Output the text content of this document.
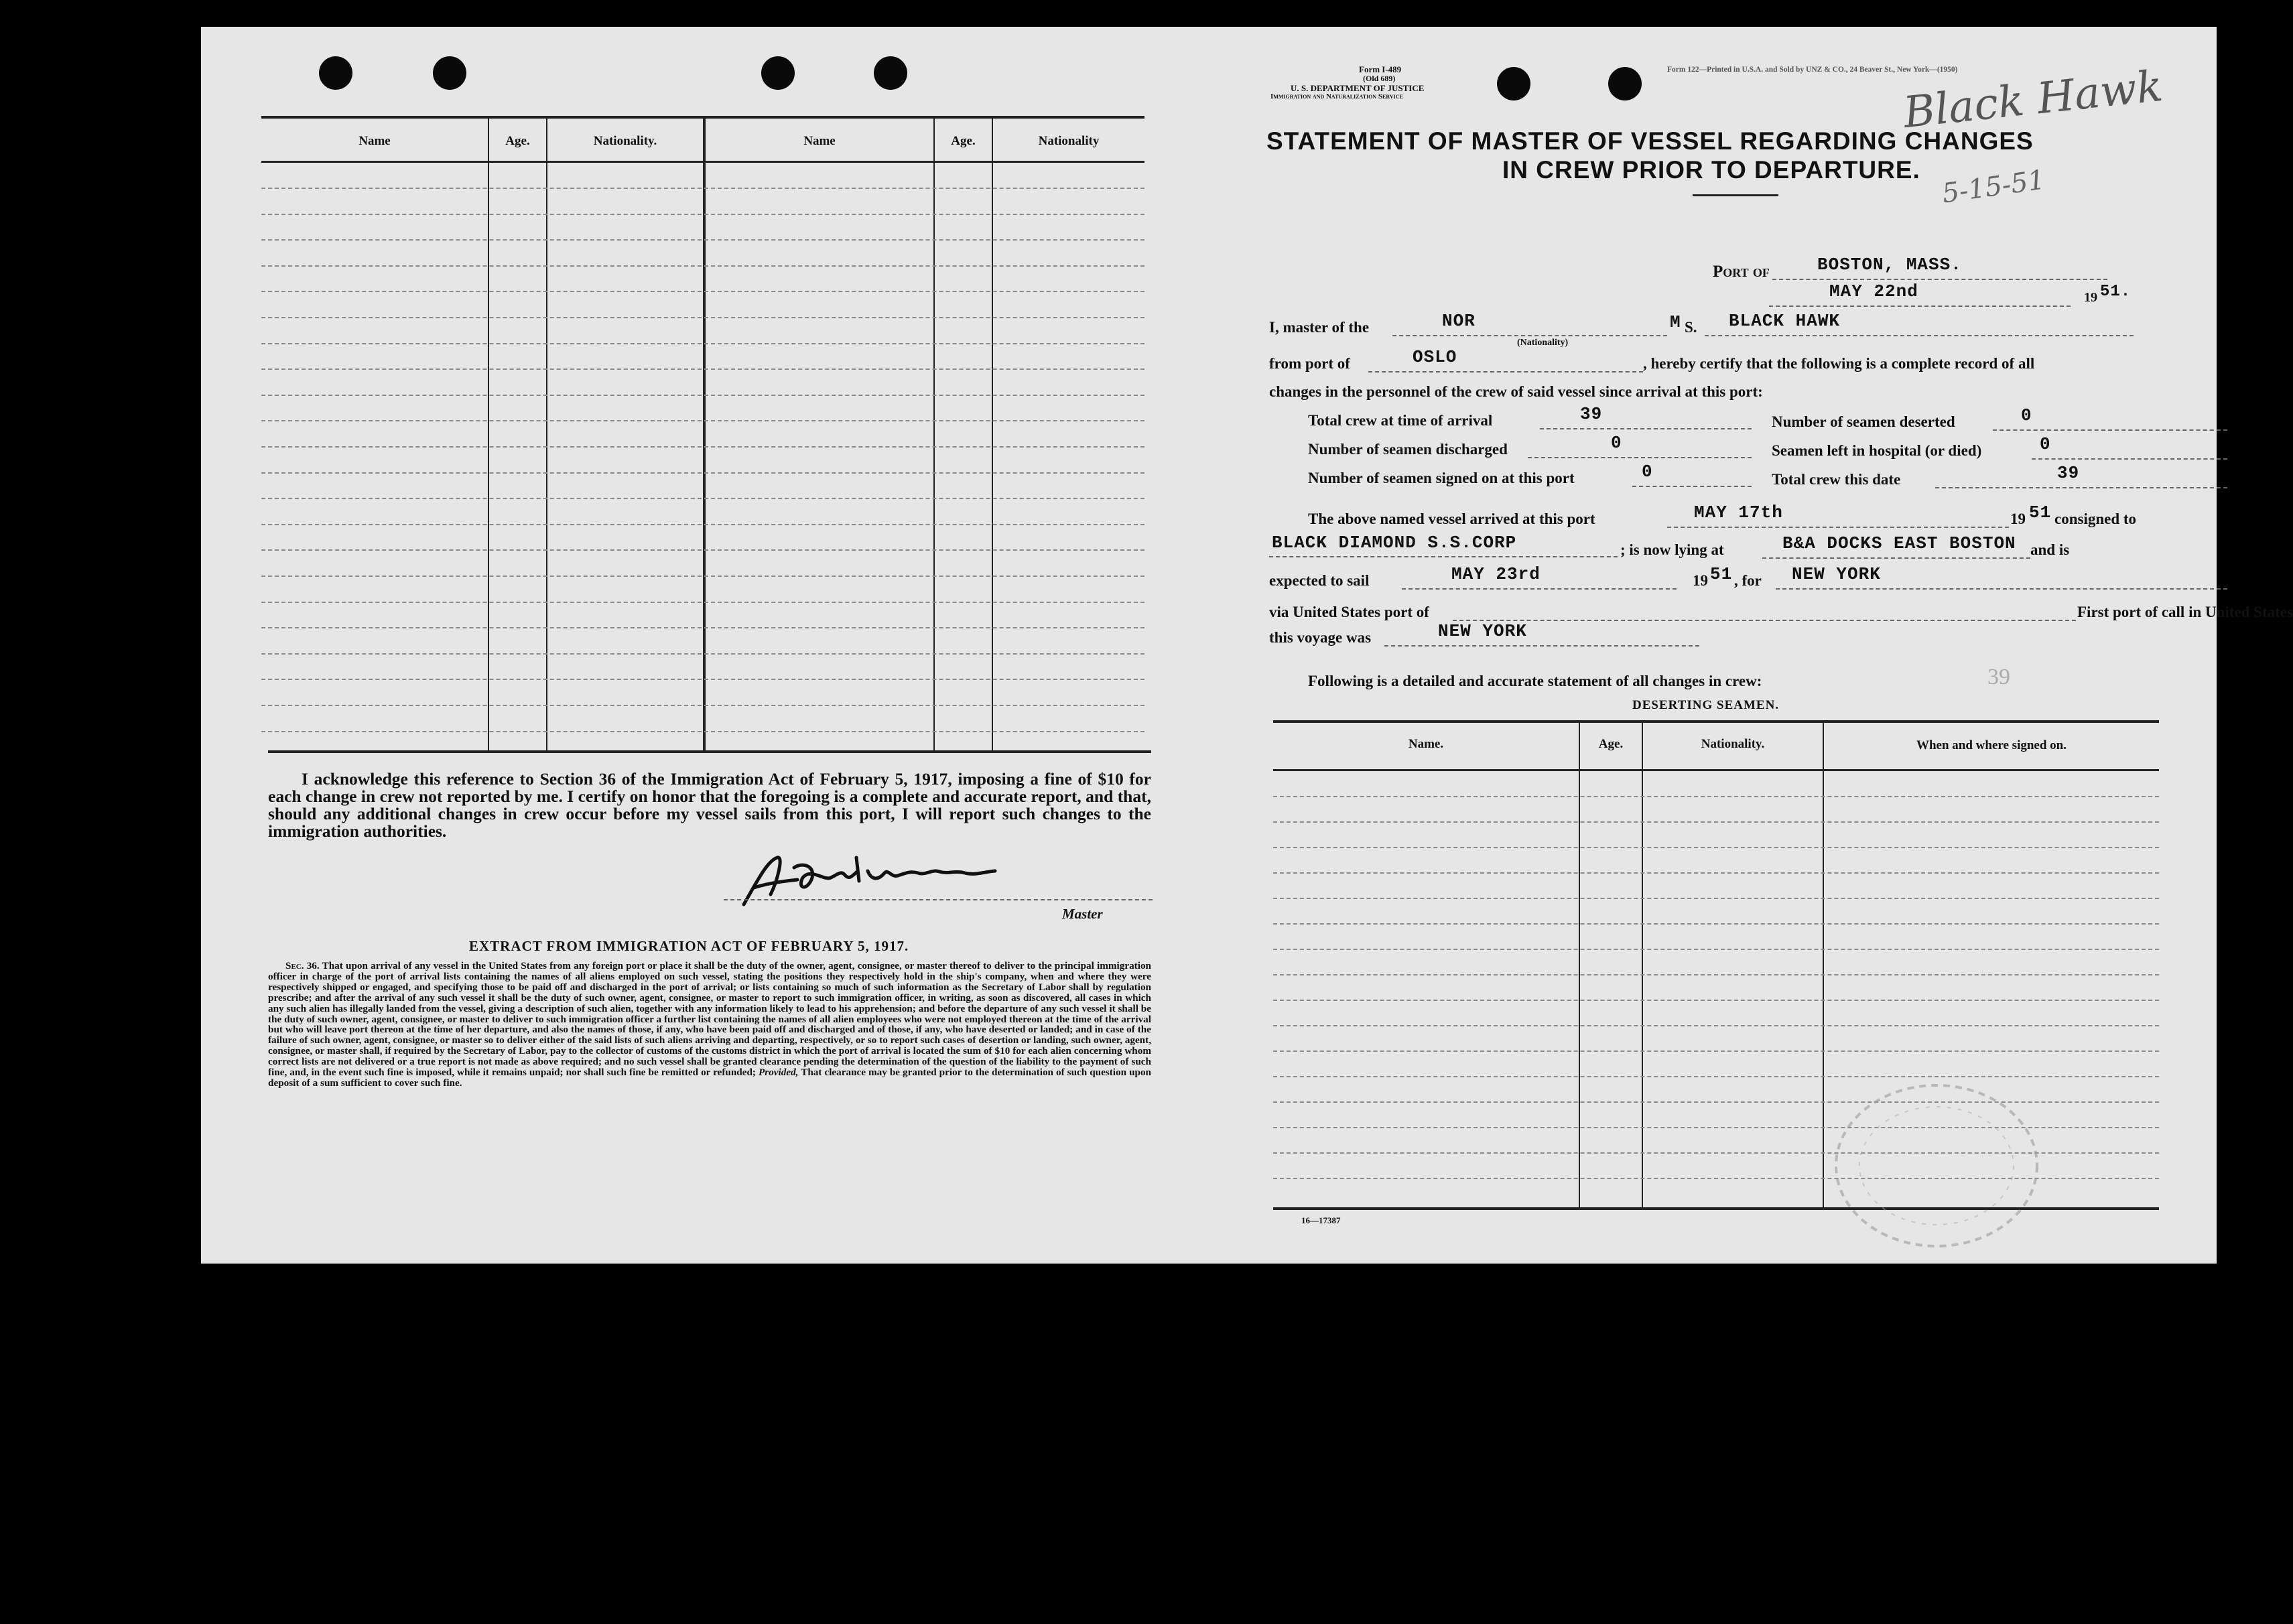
Name	Age.	Nationality.	Name	Age.	Nationality
I acknowledge this reference to Section 36 of the Immigration Act of February 5, 1917, imposing a fine of $10 for each change in crew not reported by me. I certify on honor that the foregoing is a complete and accurate report, and that, should any additional changes in crew occur before my vessel sails from this port, I will report such changes to the immigration authorities.
Master
EXTRACT FROM IMMIGRATION ACT OF FEBRUARY 5, 1917.
Sec. 36. That upon arrival of any vessel in the United States from any foreign port or place it shall be the duty of the owner, agent, consignee, or master thereof to deliver to the principal immigration officer in charge of the port of arrival lists containing the names of all aliens employed on such vessel, stating the positions they respectively hold in the ship's company, when and where they were respectively shipped or engaged, and specifying those to be paid off and discharged in the port of arrival; or lists containing so much of such information as the Secretary of Labor shall by regulation prescribe; and after the arrival of any such vessel it shall be the duty of such owner, agent, consignee, or master to report to such immigration officer, in writing, as soon as discovered, all cases in which any such alien has illegally landed from the vessel, giving a description of such alien, together with any information likely to lead to his apprehension; and before the departure of any such vessel it shall be the duty of such owner, agent, consignee, or master to deliver to such immigration officer a further list containing the names of all alien employees who were not employed thereon at the time of the arrival but who will leave port thereon at the time of her departure, and also the names of those, if any, who have been paid off and discharged and of those, if any, who have deserted or landed; and in case of the failure of such owner, agent, consignee, or master so to deliver either of the said lists of such aliens arriving and departing, respectively, or so to report such cases of desertion or landing, such owner, agent, consignee, or master shall, if required by the Secretary of Labor, pay to the collector of customs of the customs district in which the port of arrival is located the sum of $10 for each alien concerning whom correct lists are not delivered or a true report is not made as above required; and no such vessel shall be granted clearance pending the determination of the question of the liability to the payment of such fine, and, in the event such fine is imposed, while it remains unpaid; nor shall such fine be remitted or refunded; Provided, That clearance may be granted prior to the determination of such question upon deposit of a sum sufficient to cover such fine.
Form I-489
(Old 689)
U. S. DEPARTMENT OF JUSTICE
Immigration and Naturalization Service
Form 122—Printed in U.S.A. and Sold by UNZ & CO., 24 Beaver St., New York—(1950)
Black Hawk
5-15-51
STATEMENT OF MASTER OF VESSEL REGARDING CHANGES
IN CREW PRIOR TO DEPARTURE.
Port of	BOSTON, MASS.
MAY 22nd	19 51.
I, master of the	NOR
(Nationality)
M S. BLACK HAWK
from port of	OSLO	, hereby certify that the following is a complete record of all
changes in the personnel of the crew of said vessel since arrival at this port:
Total crew at time of arrival	39	Number of seamen deserted	0
Number of seamen discharged	0	Seamen left in hospital (or died)	0
Number of seamen signed on at this port	0	Total crew this date	39
The above named vessel arrived at this port	MAY 17th	19 51 consigned to
BLACK DIAMOND S.S.CORP	; is now lying at	B&A DOCKS EAST BOSTON and is
expected to sail	MAY 23rd	19 51 , for NEW YORK
via United States port of	First port of call in United States
this voyage was	NEW YORK
Following is a detailed and accurate statement of all changes in crew:	39
DESERTING SEAMEN.
Name.	Age.	Nationality.	When and where signed on.
16—17387
